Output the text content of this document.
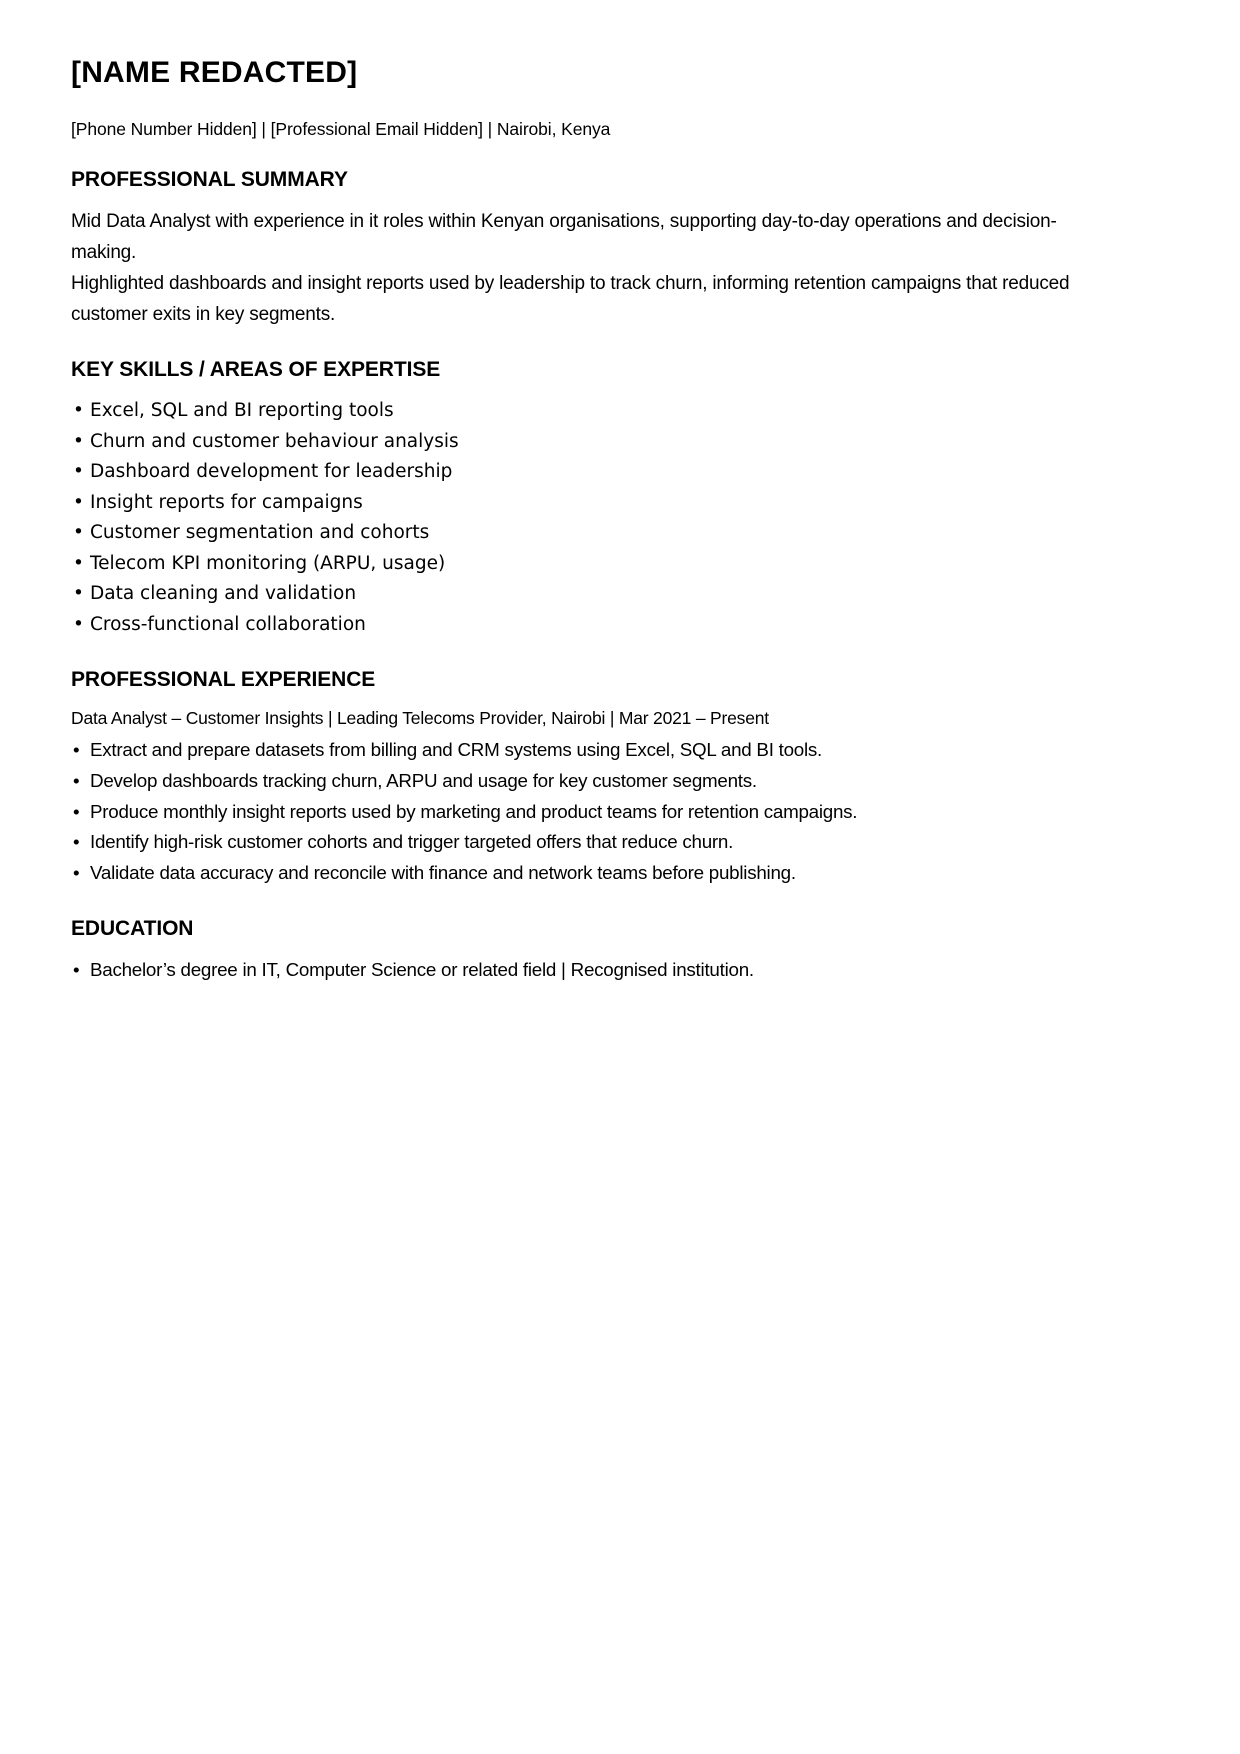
[NAME REDACTED]
[Phone Number Hidden] | [Professional Email Hidden] | Nairobi, Kenya
PROFESSIONAL SUMMARY

Mid Data Analyst with experience in it roles within Kenyan organisations, supporting day-to-day operations and decision-making.

Highlighted dashboards and insight reports used by leadership to track churn, informing retention campaigns that reduced customer exits in key segments.

KEY SKILLS / AREAS OF EXPERTISE
• Excel, SQL and BI reporting tools
• Churn and customer behaviour analysis
• Dashboard development for leadership
• Insight reports for campaigns
• Customer segmentation and cohorts
• Telecom KPI monitoring (ARPU, usage)
• Data cleaning and validation
• Cross-functional collaboration
PROFESSIONAL EXPERIENCE

Data Analyst – Customer Insights | Leading Telecoms Provider, Nairobi | Mar 2021 – Present

• Extract and prepare datasets from billing and CRM systems using Excel, SQL and BI tools.
• Develop dashboards tracking churn, ARPU and usage for key customer segments.
• Produce monthly insight reports used by marketing and product teams for retention campaigns.
• Identify high-risk customer cohorts and trigger targeted offers that reduce churn.
• Validate data accuracy and reconcile with finance and network teams before publishing.
EDUCATION
• Bachelor’s degree in IT, Computer Science or related field | Recognised institution.
